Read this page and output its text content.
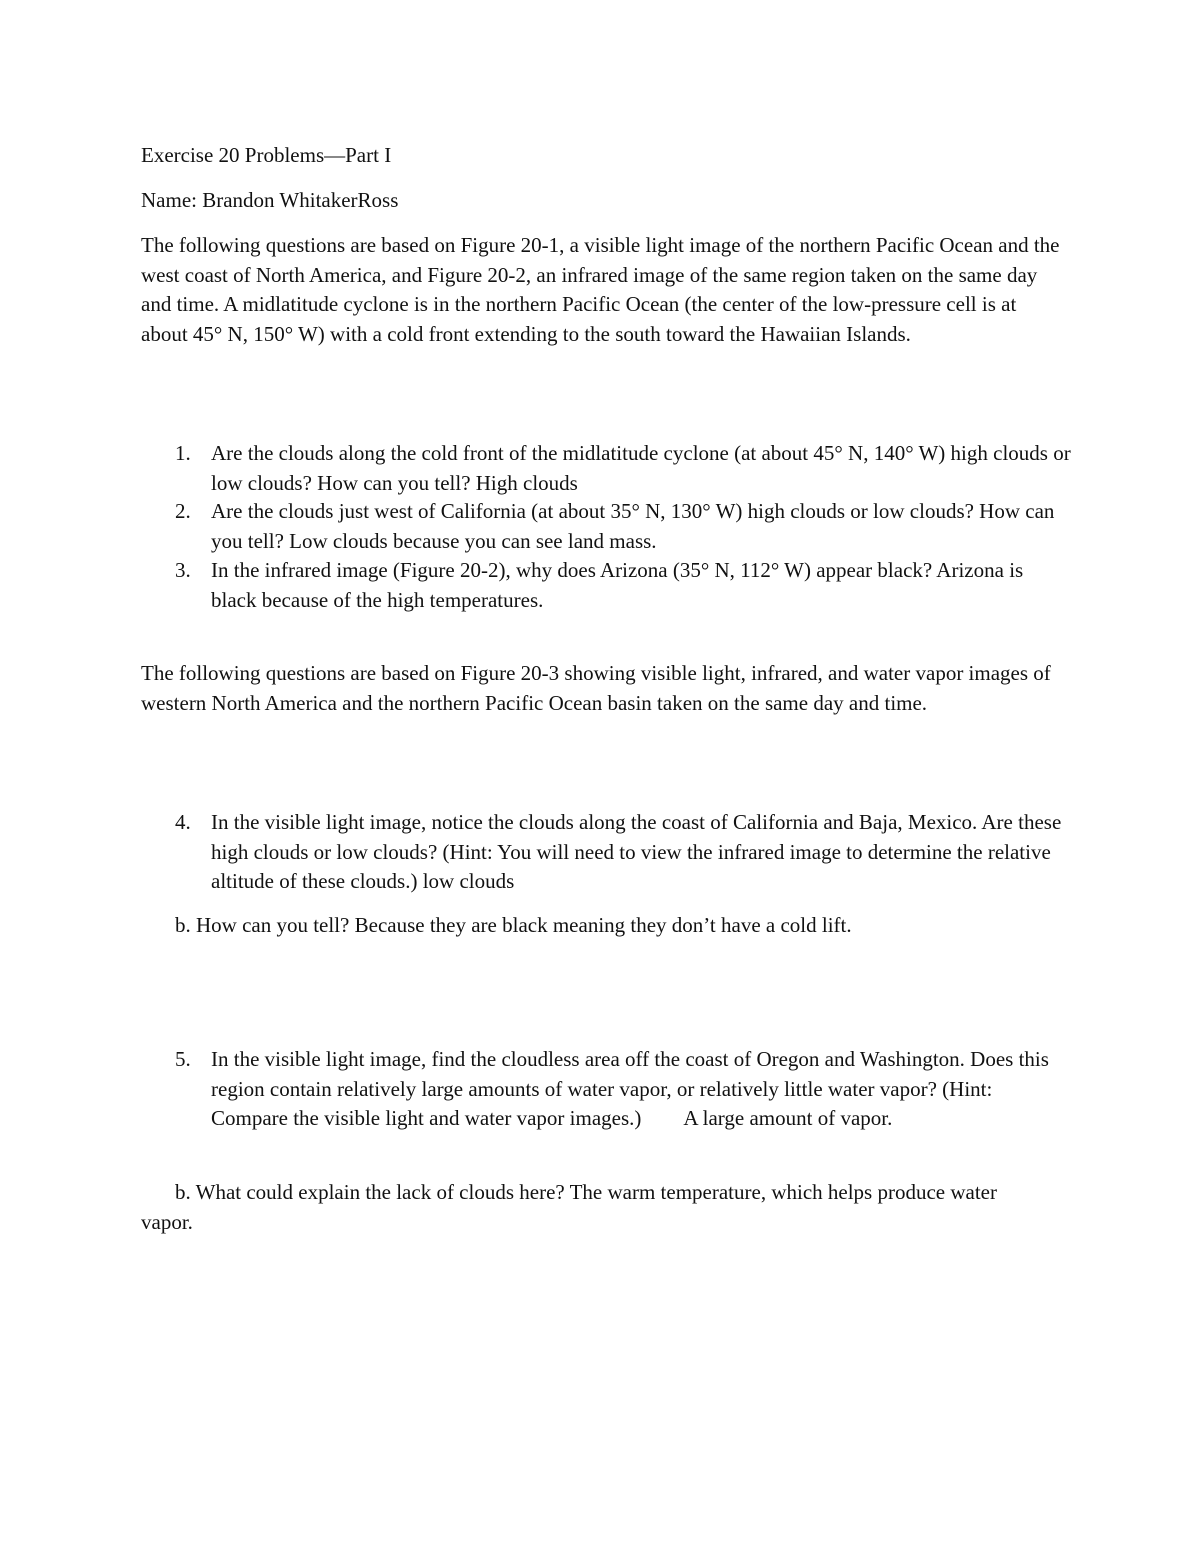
Exercise 20 Problems—Part I
Name: Brandon WhitakerRoss
The following questions are based on Figure 20-1, a visible light image of the northern Pacific Ocean and the west coast of North America, and Figure 20-2, an infrared image of the same region taken on the same day and time. A midlatitude cyclone is in the northern Pacific Ocean (the center of the low-pressure cell is at about 45° N, 150° W) with a cold front extending to the south toward the Hawaiian Islands.
1. Are the clouds along the cold front of the midlatitude cyclone (at about 45° N, 140° W) high clouds or low clouds? How can you tell? High clouds
2. Are the clouds just west of California (at about 35° N, 130° W) high clouds or low clouds? How can you tell? Low clouds because you can see land mass.
3. In the infrared image (Figure 20-2), why does Arizona (35° N, 112° W) appear black? Arizona is black because of the high temperatures.
The following questions are based on Figure 20-3 showing visible light, infrared, and water vapor images of western North America and the northern Pacific Ocean basin taken on the same day and time.
4. In the visible light image, notice the clouds along the coast of California and Baja, Mexico. Are these high clouds or low clouds? (Hint: You will need to view the infrared image to determine the relative altitude of these clouds.) low clouds
b. How can you tell? Because they are black meaning they don’t have a cold lift.
5. In the visible light image, find the cloudless area off the coast of Oregon and Washington. Does this region contain relatively large amounts of water vapor, or relatively little water vapor? (Hint: Compare the visible light and water vapor images.)  A large amount of vapor.
b. What could explain the lack of clouds here? The warm temperature, which helps produce water vapor.
